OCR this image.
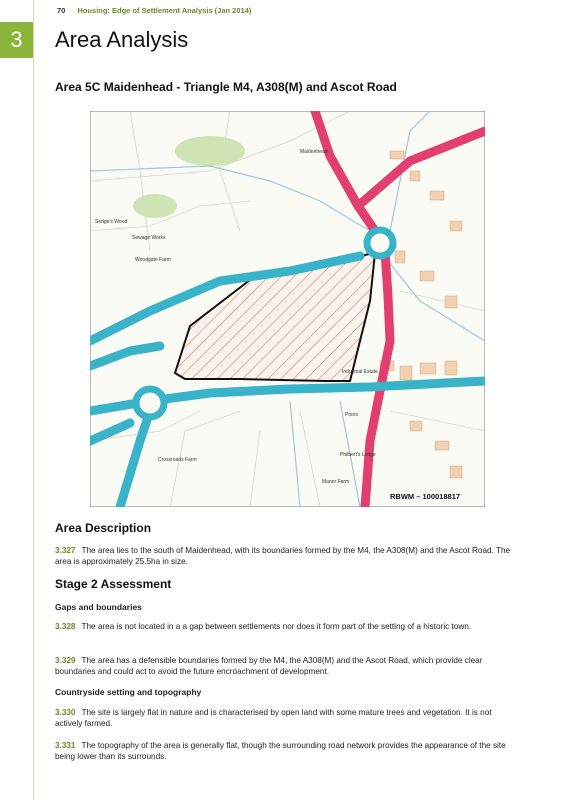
70 Housing: Edge of Settlement Analysis (Jan 2014)
3	Area Analysis
Area 5C Maidenhead - Triangle M4, A308(M) and Ascot Road
Maidenhead
Sedge's Wood
Woodgate Farm
Crossroads Farm
Philbert's Lodge
Manor Farm
Priors
Sewage Works
Industrial Estate
RBWM – 100018817
Area Description
3.327 The area lies to the south of Maidenhead, with its boundaries formed by the M4, the A308(M) and the Ascot Road. The area is approximately 25.5ha in size.
Stage 2 Assessment
Gaps and boundaries
3.328 The area is not located in a a gap between settlements nor does it form part of the setting of a historic town.
3.329 The area has a defensible boundaries formed by the M4, the A308(M) and the Ascot Road, which provide clear boundaries and could act to avoid the future encroachment of development.
Countryside setting and topography
3.330 The site is largely flat in nature and is characterised by open land with some mature trees and vegetation. It is not actively farmed.
3.331 The topography of the area is generally flat, though the surrounding road network provides the appearance of the site being lower than its surrounds.
